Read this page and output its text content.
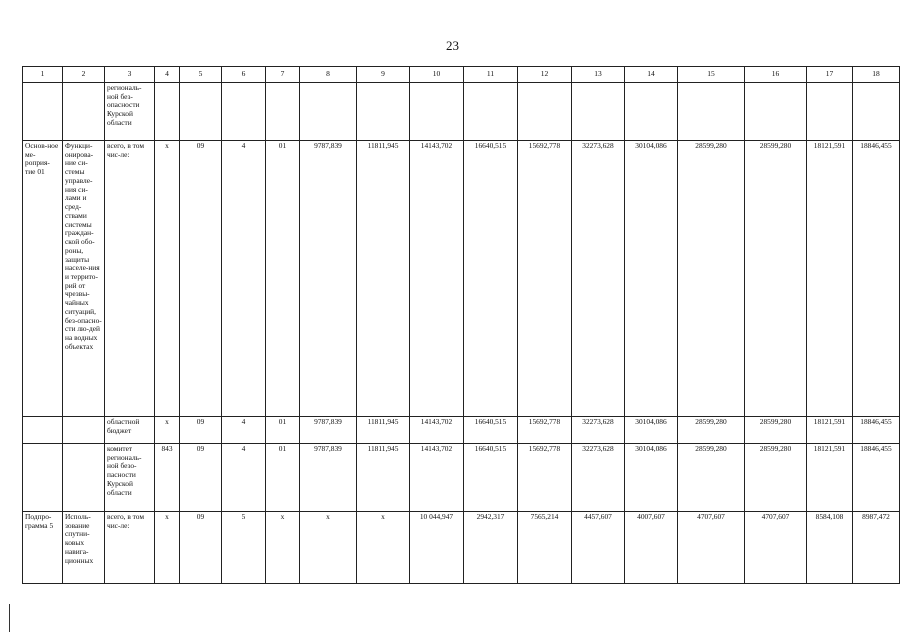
23
1	2	3	4	5	6	7	8	9	10	11	12	13	14	15	16	17	18
		региональ-ной без-опасности Курской области															
Основ-ное ме-роприя-тие 01	Функци-онирова-ние си-стемы управле-ния си-лами и сред-ствами системы граждан-ской обо-роны, защиты населе-ния и террито-рий от чрезвы-чайных ситуаций, без-опасно-сти лю-дей на водных объектах	всего, в том чис-ле:	х	09	4	01	9787,839	11811,945	14143,702	16640,515	15692,778	32273,628	30104,086	28599,280	28599,280	18121,591	18846,455
		областной бюджет	х	09	4	01	9787,839	11811,945	14143,702	16640,515	15692,778	32273,628	30104,086	28599,280	28599,280	18121,591	18846,455
		комитет региональ-ной безо-пасности Курской области	843	09	4	01	9787,839	11811,945	14143,702	16640,515	15692,778	32273,628	30104,086	28599,280	28599,280	18121,591	18846,455
Подпро-грамма 5	Исполь-зование спутни-ковых навига-ционных	всего, в том чис-ле:	х	09	5	х	х	х	10 044,947	2942,317	7565,214	4457,607	4007,607	4707,607	4707,607	8584,108	8987,472
